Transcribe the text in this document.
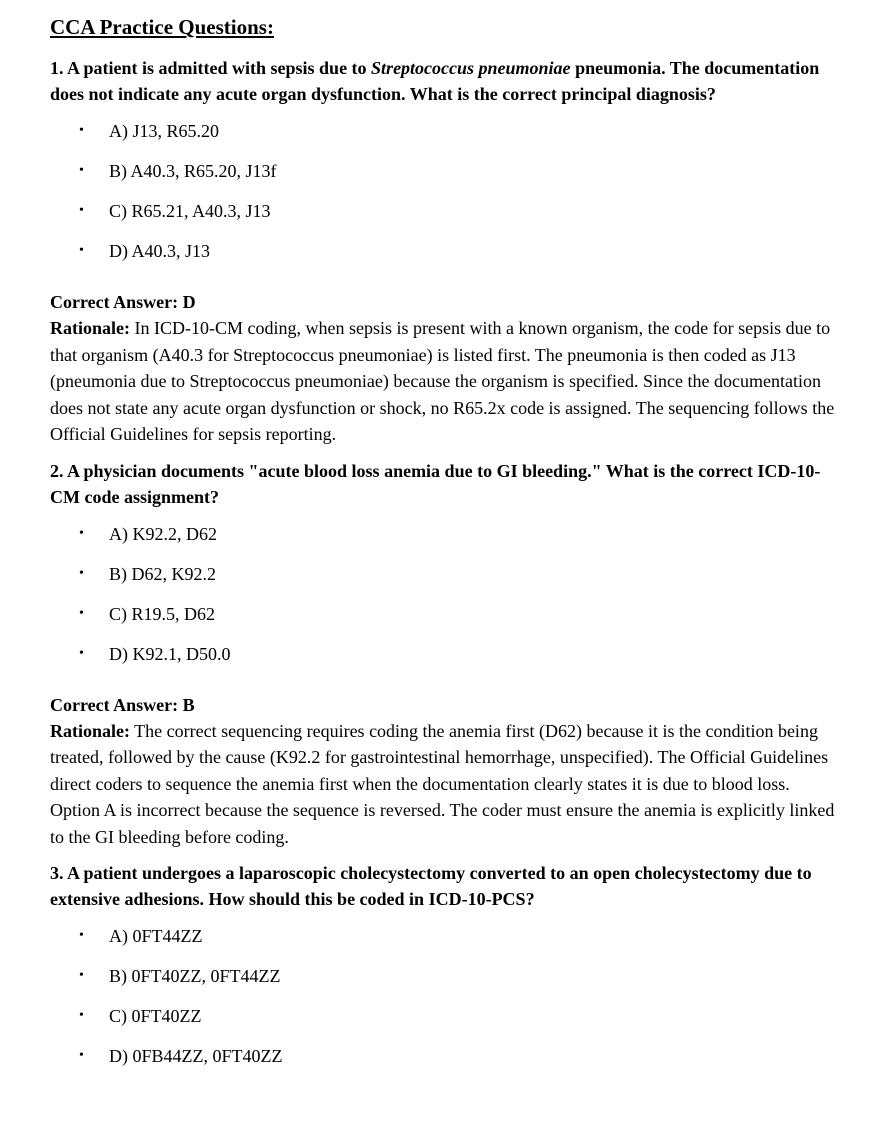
CCA Practice Questions:

1. A patient is admitted with sepsis due to Streptococcus pneumoniae pneumonia. The documentation does not indicate any acute organ dysfunction. What is the correct principal diagnosis?

•	A) J13, R65.20
•	B) A40.3, R65.20, J13f
•	C) R65.21, A40.3, J13
•	D) A40.3, J13

Correct Answer: D

Rationale: In ICD-10-CM coding, when sepsis is present with a known organism, the code for sepsis due to that organism (A40.3 for Streptococcus pneumoniae) is listed first. The pneumonia is then coded as J13 (pneumonia due to Streptococcus pneumoniae) because the organism is specified. Since the documentation does not state any acute organ dysfunction or shock, no R65.2x code is assigned. The sequencing follows the Official Guidelines for sepsis reporting.

2. A physician documents "acute blood loss anemia due to GI bleeding." What is the correct ICD-10-CM code assignment?

•	A) K92.2, D62
•	B) D62, K92.2
•	C) R19.5, D62
•	D) K92.1, D50.0

Correct Answer: B

Rationale: The correct sequencing requires coding the anemia first (D62) because it is the condition being treated, followed by the cause (K92.2 for gastrointestinal hemorrhage, unspecified). The Official Guidelines direct coders to sequence the anemia first when the documentation clearly states it is due to blood loss. Option A is incorrect because the sequence is reversed. The coder must ensure the anemia is explicitly linked to the GI bleeding before coding.

3. A patient undergoes a laparoscopic cholecystectomy converted to an open cholecystectomy due to extensive adhesions. How should this be coded in ICD-10-PCS?

•	A) 0FT44ZZ
•	B) 0FT40ZZ, 0FT44ZZ
•	C) 0FT40ZZ
•	D) 0FB44ZZ, 0FT40ZZ
